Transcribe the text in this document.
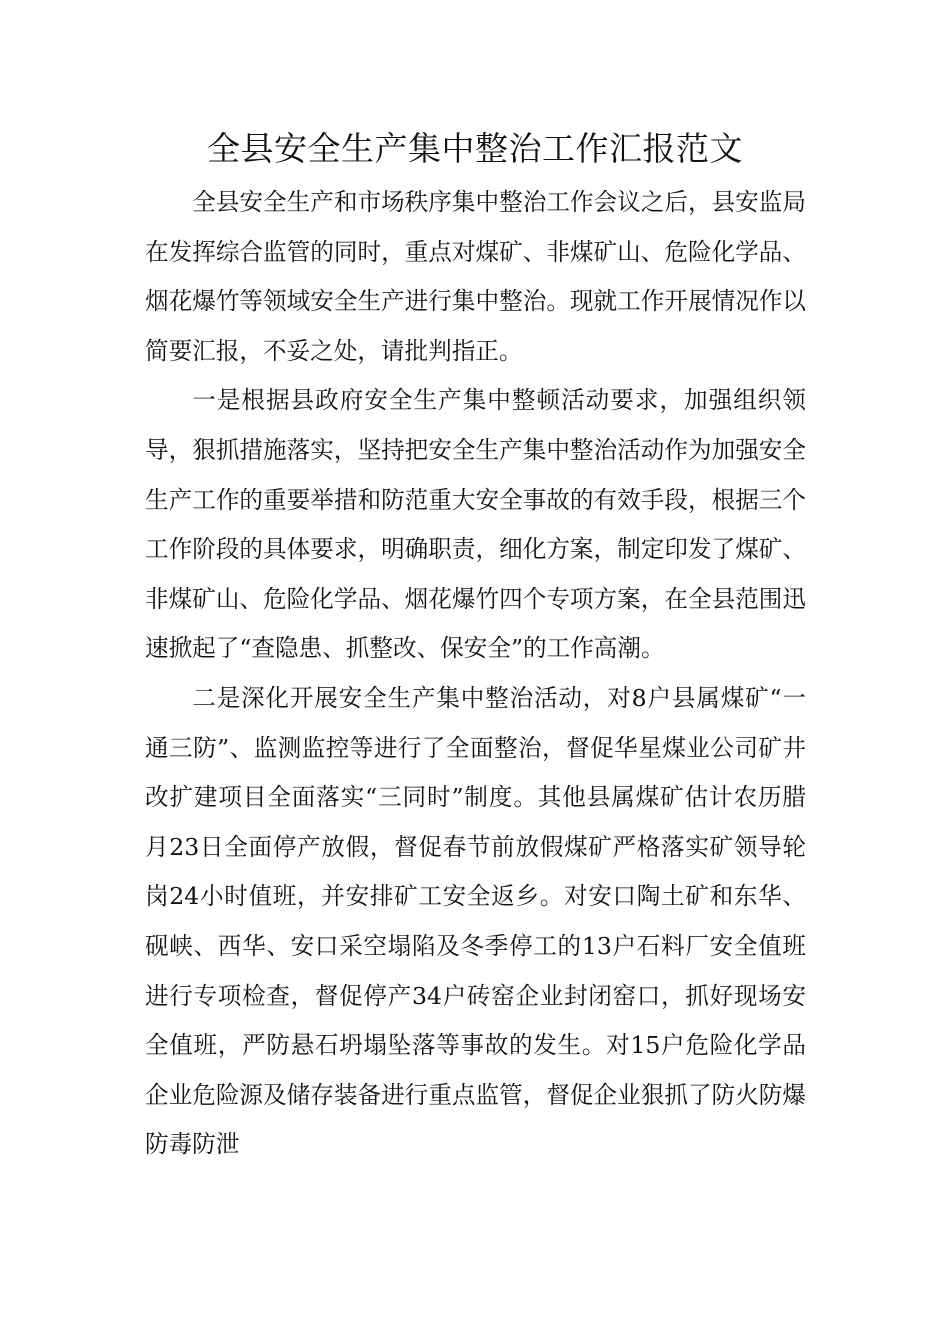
全县安全生产集中整治工作汇报范文

全县安全生产和市场秩序集中整治工作会议之后，县安监局在发挥综合监管的同时，重点对煤矿、非煤矿山、危险化学品、烟花爆竹等领域安全生产进行集中整治。现就工作开展情况作以简要汇报，不妥之处，请批判指正。

一是根据县政府安全生产集中整顿活动要求，加强组织领导，狠抓措施落实，坚持把安全生产集中整治活动作为加强安全生产工作的重要举措和防范重大安全事故的有效手段，根据三个工作阶段的具体要求，明确职责，细化方案，制定印发了煤矿、非煤矿山、危险化学品、烟花爆竹四个专项方案，在全县范围迅速掀起了“查隐患、抓整改、保安全”的工作高潮。

二是深化开展安全生产集中整治活动，对8户县属煤矿“一通三防”、监测监控等进行了全面整治，督促华星煤业公司矿井改扩建项目全面落实“三同时”制度。其他县属煤矿估计农历腊月23日全面停产放假，督促春节前放假煤矿严格落实矿领导轮岗24小时值班，并安排矿工安全返乡。对安口陶土矿和东华、砚峡、西华、安口采空塌陷及冬季停工的13户石料厂安全值班进行专项检查，督促停产34户砖窑企业封闭窑口，抓好现场安全值班，严防悬石坍塌坠落等事故的发生。对15户危险化学品企业危险源及储存装备进行重点监管，督促企业狠抓了防火防爆防毒防泄
